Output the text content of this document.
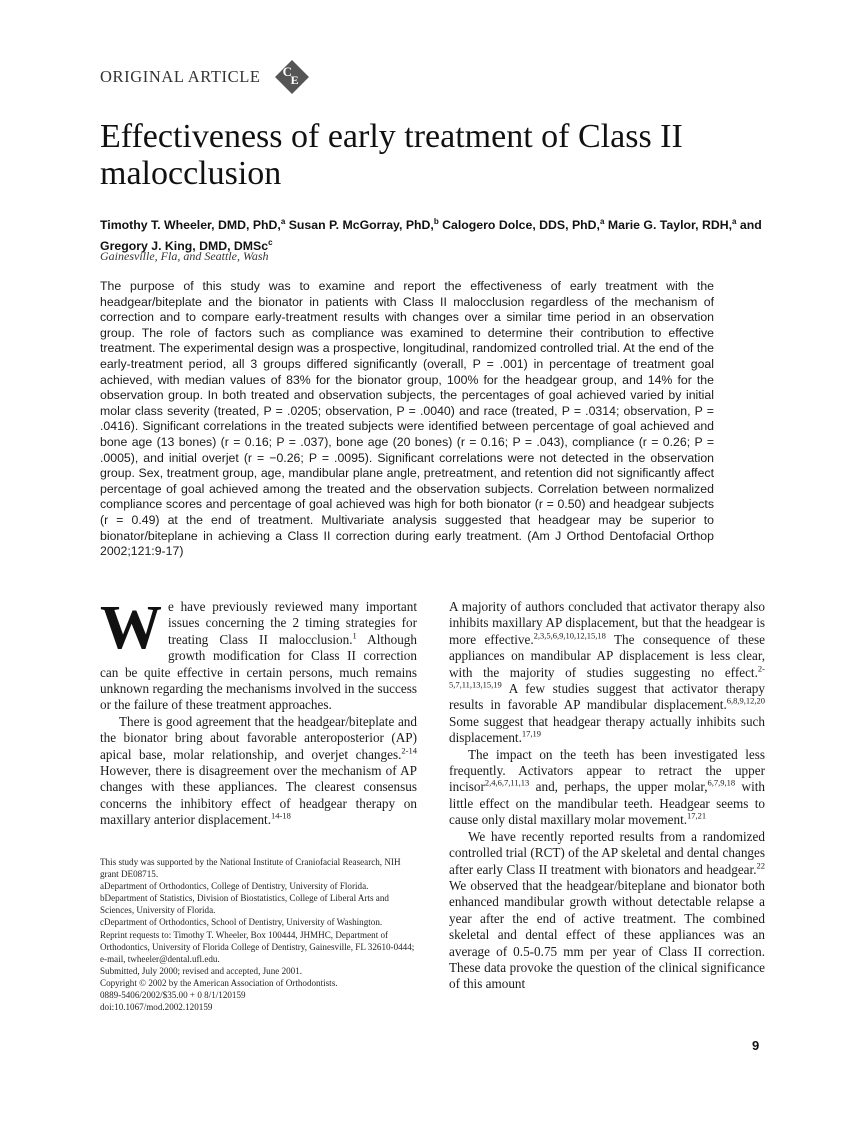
ORIGINAL ARTICLE C
E
Effectiveness of early treatment of Class II malocclusion
Timothy T. Wheeler, DMD, PhD,$^a$ Susan P. McGorray, PhD,$^b$ Calogero Dolce, DDS, PhD,$^a$ Marie G. Taylor, RDH,$^a$ and Gregory J. King, DMD, DMSc$^c$
Gainesville, Fla, and Seattle, Wash
The purpose of this study was to examine and report the effectiveness of early treatment with the headgear/biteplate and the bionator in patients with Class II malocclusion regardless of the mechanism of correction and to compare early-treatment results with changes over a similar time period in an observation group. The role of factors such as compliance was examined to determine their contribution to effective treatment. The experimental design was a prospective, longitudinal, randomized controlled trial. At the end of the early-treatment period, all 3 groups differed significantly (overall, P = .001) in percentage of treatment goal achieved, with median values of 83% for the bionator group, 100% for the headgear group, and 14% for the observation group. In both treated and observation subjects, the percentages of goal achieved varied by initial molar class severity (treated, P = .0205; observation, P = .0040) and race (treated, P = .0314; observation, P = .0416). Significant correlations in the treated subjects were identified between percentage of goal achieved and bone age (13 bones) (r = 0.16; P = .037), bone age (20 bones) (r = 0.16; P = .043), compliance (r = 0.26; P = .0005), and initial overjet (r = −0.26; P = .0095). Significant correlations were not detected in the observation group. Sex, treatment group, age, mandibular plane angle, pretreatment, and retention did not significantly affect percentage of goal achieved among the treated and the observation subjects. Correlation between normalized compliance scores and percentage of goal achieved was high for both bionator (r = 0.50) and headgear subjects (r = 0.49) at the end of treatment. Multivariate analysis suggested that headgear may be superior to bionator/biteplane in achieving a Class II correction during early treatment. (Am J Orthod Dentofacial Orthop 2002;121:9-17)

W e have previously reviewed many important issues concerning the 2 timing strategies for treating Class II malocclusion.$^1$ Although growth modification for Class II correction can be quite effective in certain persons, much remains unknown regarding the mechanisms involved in the success or the failure of these treatment approaches.

There is good agreement that the headgear/biteplate and the bionator bring about favorable anteroposterior (AP) apical base, molar relationship, and overjet changes.$^{2-14}$ However, there is disagreement over the mechanism of AP changes with these appliances. The clearest consensus concerns the inhibitory effect of headgear therapy on maxillary anterior displacement.$^{14-18}$

This study was supported by the National Institute of Craniofacial Reasearch, NIH grant DE08715.

aDepartment of Orthodontics, College of Dentistry, University of Florida.

bDepartment of Statistics, Division of Biostatistics, College of Liberal Arts and Sciences, University of Florida.

cDepartment of Orthodontics, School of Dentistry, University of Washington.

Reprint requests to: Timothy T. Wheeler, Box 100444, JHMHC, Department of Orthodontics, University of Florida College of Dentistry, Gainesville, FL 32610-0444; e-mail, twheeler@dental.ufl.edu.

Submitted, July 2000; revised and accepted, June 2001.

Copyright © 2002 by the American Association of Orthodontists.

0889-5406/2002/$35.00 + 0 8/1/120159

doi:10.1067/mod.2002.120159

A majority of authors concluded that activator therapy also inhibits maxillary AP displacement, but that the headgear is more effective.$^{2,3,5,6,9,10,12,15,18}$ The consequence of these appliances on mandibular AP displacement is less clear, with the majority of studies suggesting no effect.$^{2-5,7,11,13,15,19}$ A few studies suggest that activator therapy results in favorable AP mandibular displacement.$^{6,8,9,12,20}$ Some suggest that headgear therapy actually inhibits such displacement.$^{17,19}$

The impact on the teeth has been investigated less frequently. Activators appear to retract the upper incisor$^{2,4,6,7,11,13}$ and, perhaps, the upper molar,$^{6,7,9,18}$ with little effect on the mandibular teeth. Headgear seems to cause only distal maxillary molar movement.$^{17,21}$

We have recently reported results from a randomized controlled trial (RCT) of the AP skeletal and dental changes after early Class II treatment with bionators and headgear.$^{22}$ We observed that the headgear/biteplane and bionator both enhanced mandibular growth without detectable relapse a year after the end of active treatment. The combined skeletal and dental effect of these appliances was an average of 0.5-0.75 mm per year of Class II correction. These data provoke the question of the clinical significance of this amount

9
